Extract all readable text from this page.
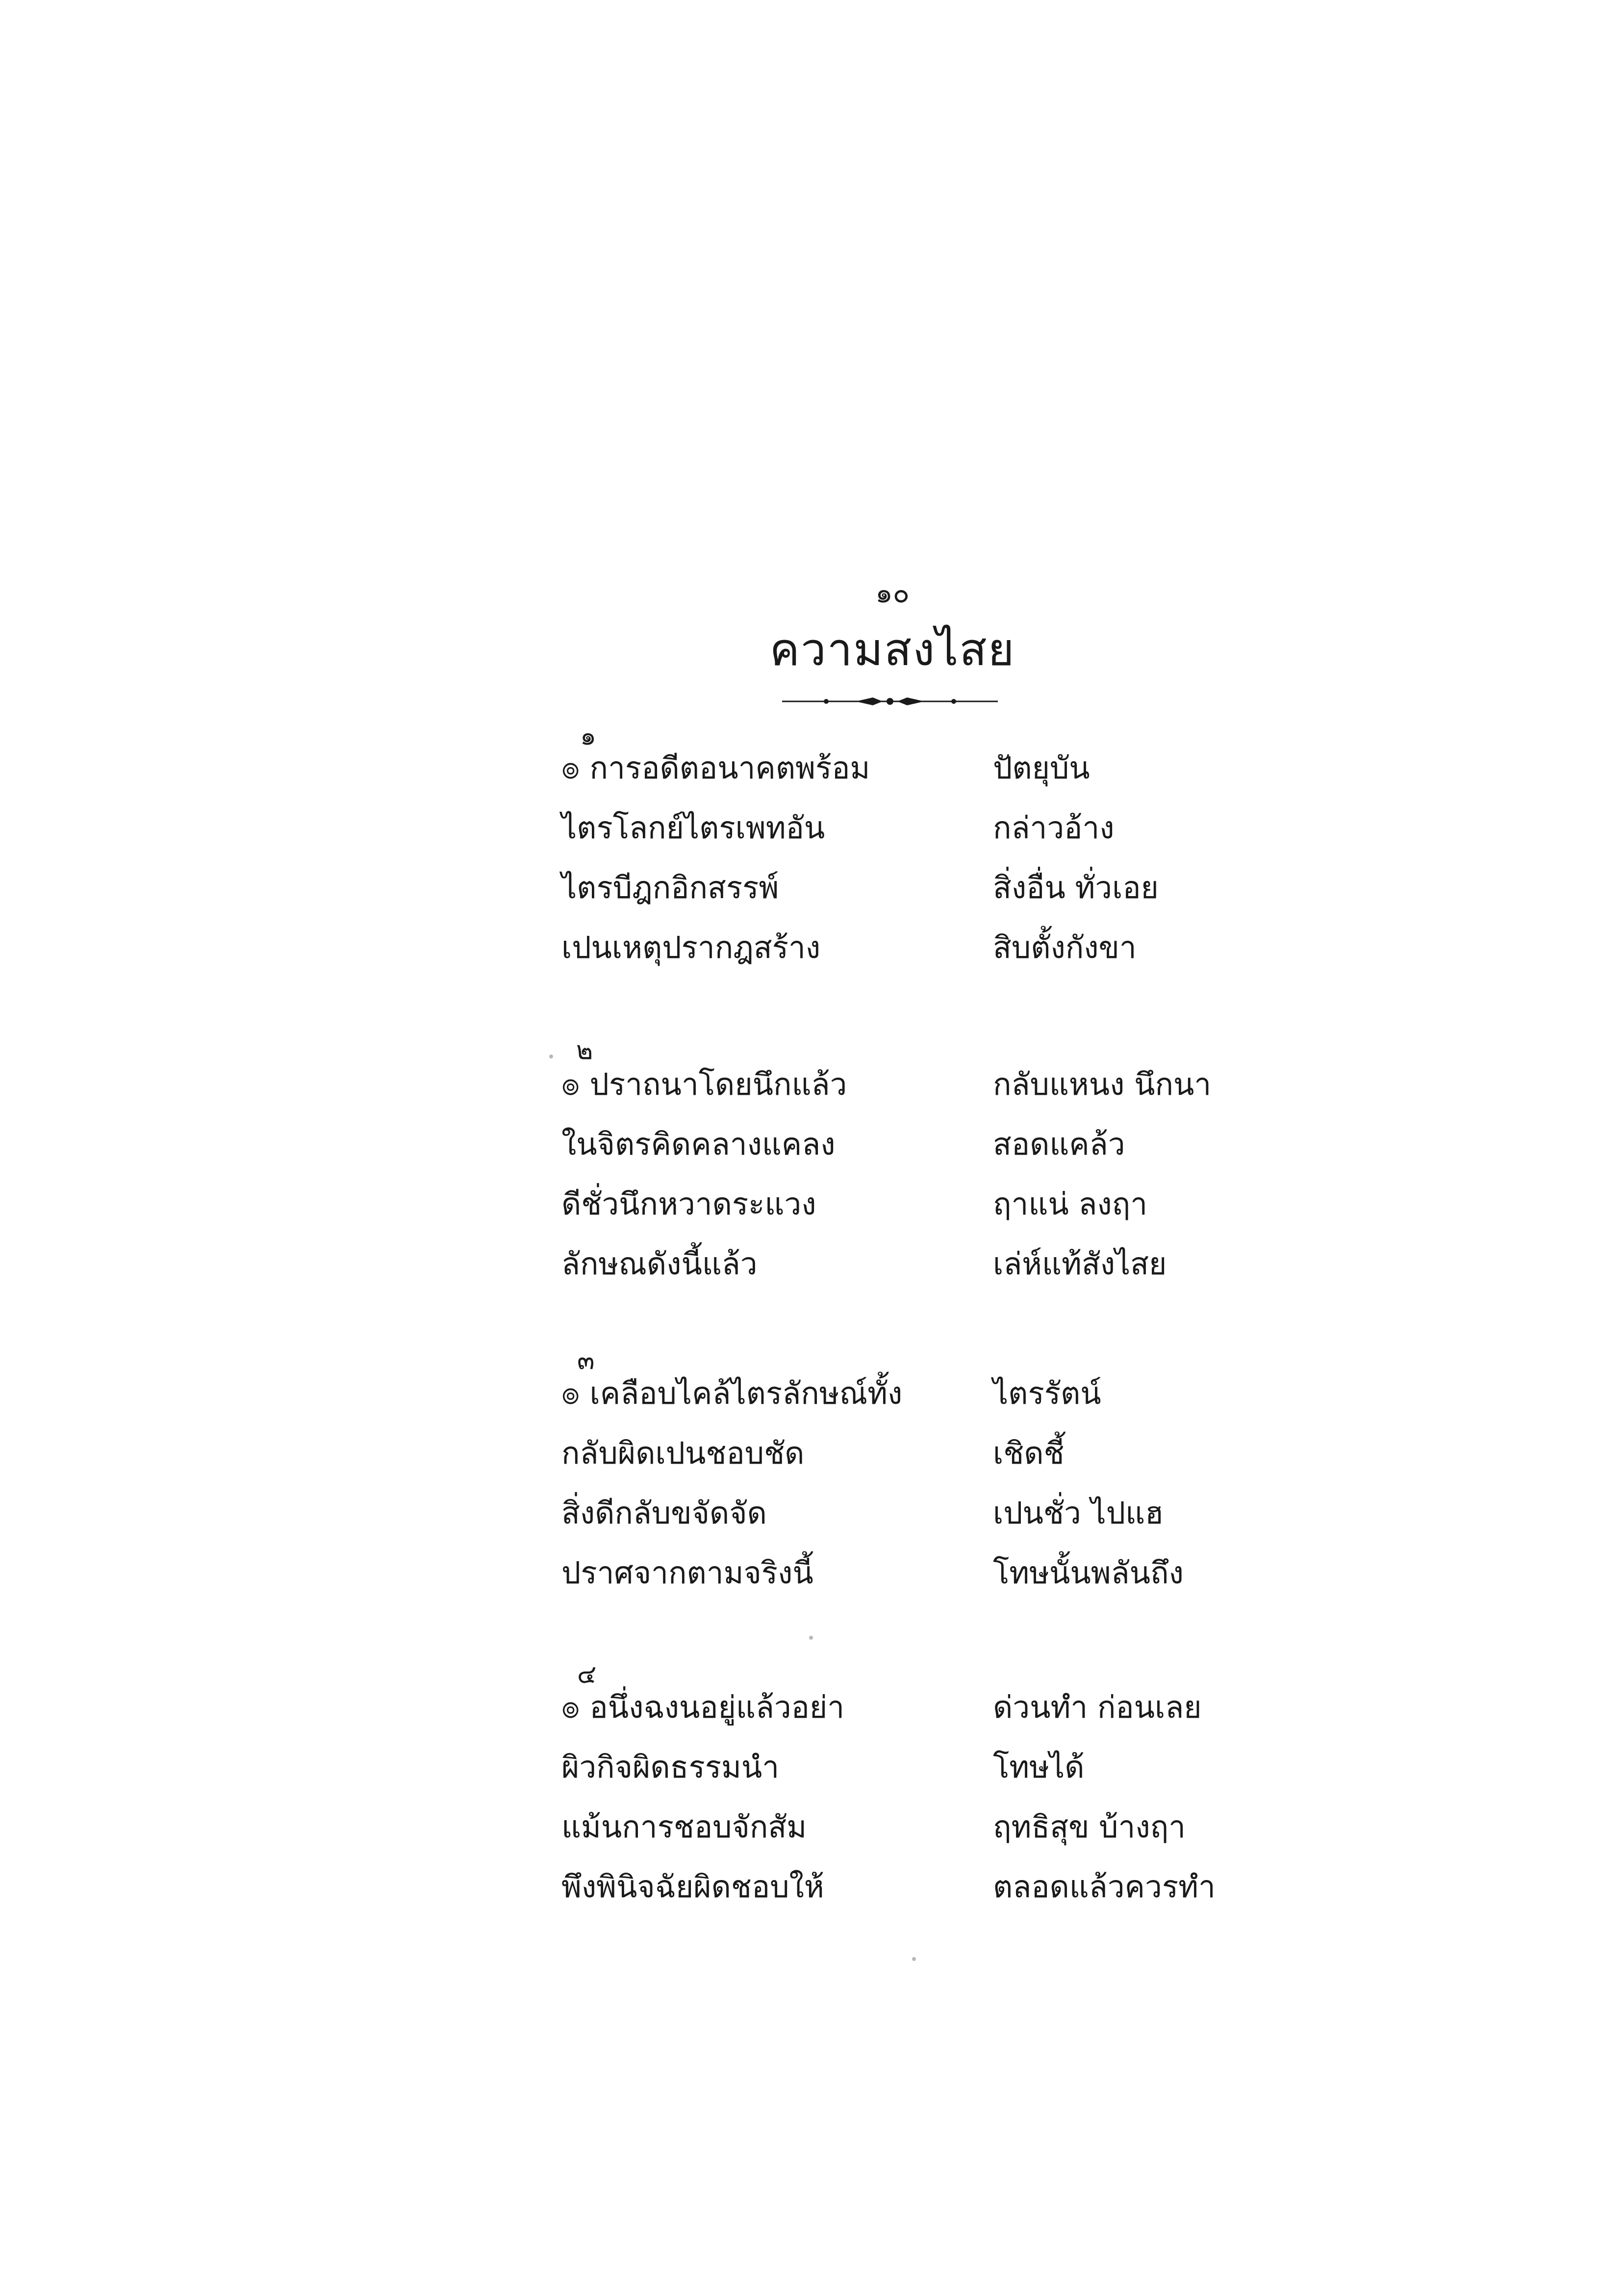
๑๐
ความสงไสย
๑
๏ การอดีตอนาคตพร้อม	ปัตยุบัน
ไตรโลกย์ไตรเพทอัน	กล่าวอ้าง
ไตรบีฎกอิกสรรพ์	สิ่งอื่น ทั่วเอย
เปนเหตุปรากฎสร้าง	สิบตั้งกังขา
๒
๏ ปราถนาโดยนึกแล้ว	กลับแหนง นึกนา
ในจิตรคิดคลางแคลง	สอดแคล้ว
ดีชั่วนึกหวาดระแวง	ฤาแน่ ลงฤา
ลักษณดังนี้แล้ว	เล่ห์แท้สังไสย
๓
๏ เคลือบไคล้ไตรลักษณ์ทั้ง	ไตรรัตน์
กลับผิดเปนชอบชัด	เชิดชี้
สิ่งดีกลับขจัดจัด	เปนชั่ว ไปแฮ
ปราศจากตามจริงนี้	โทษนั้นพลันถึง
๔
๏ อนึ่งฉงนอยู่แล้วอย่า	ด่วนทำ ก่อนเลย
ผิวกิจผิดธรรมนำ	โทษได้
แม้นการชอบจักสัม	ฤทธิสุข บ้างฤา
พึงพินิจฉัยผิดชอบให้	ตลอดแล้วควรทำ
